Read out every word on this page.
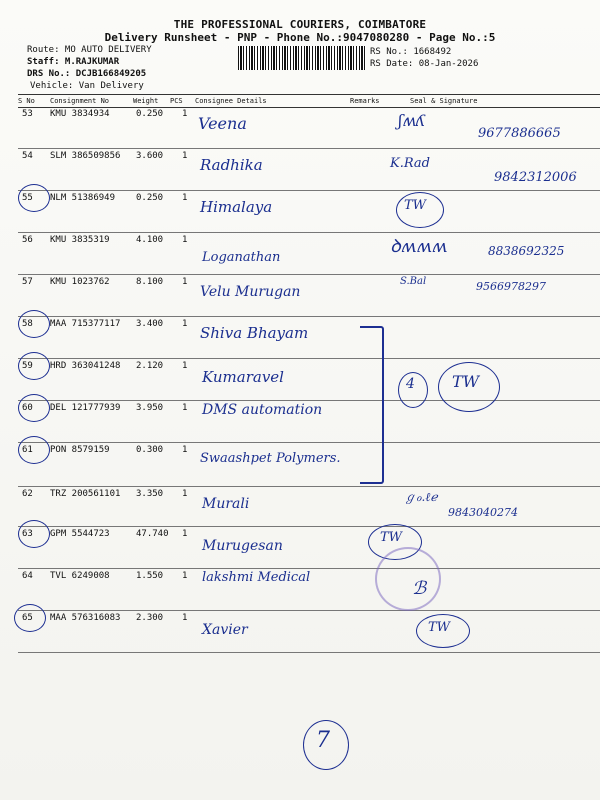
THE PROFESSIONAL COURIERS, COIMBATORE
Delivery Runsheet - PNP - Phone No.:9047080280 - Page No.:5
Route: MO AUTO DELIVERY
Staff: M.RAJKUMAR
DRS No.: DCJB166849205
Vehicle: Van Delivery
RS No.: 1668492
RS Date: 08-Jan-2026
S No Consignment No	Weight PCS Consignee Details	Remarks	Seal & Signature
53 KMU 3834934	0.250 1 Veena	ʃʍʎ
9677886665
54 SLM 386509856 3.600 1 Radhika	K.Rad
9842312006
55 NLM 51386949 0.250 1 Himalaya	TW
56 KMU 3835319	4.100 1
Loganathan
ꝺʍʍʍ	8838692325
57 KMU 1023762	8.100 1
Velu Murugan
S.Bal	9566978297
58 MAA 715377117 3.400 1 Shiva Bhayam
59 HRD 363041248 2.120 1
Kumaravel
60 DEL 121777939 3.950 1 DMS automation
4 TW
61 PON 8579159	0.300 1
Swaashpet Polymers.
62 TRZ 200561101 3.350 1
Murali	ℊℴ.ℓℯ
9843040274
63 GPM 5544723	47.740 1
Murugesan
TW
64 TVL 6249008	1.550 1 lakshmi Medical
ℬ
65 MAA 576316083 2.300 1
Xavier	TW
7
